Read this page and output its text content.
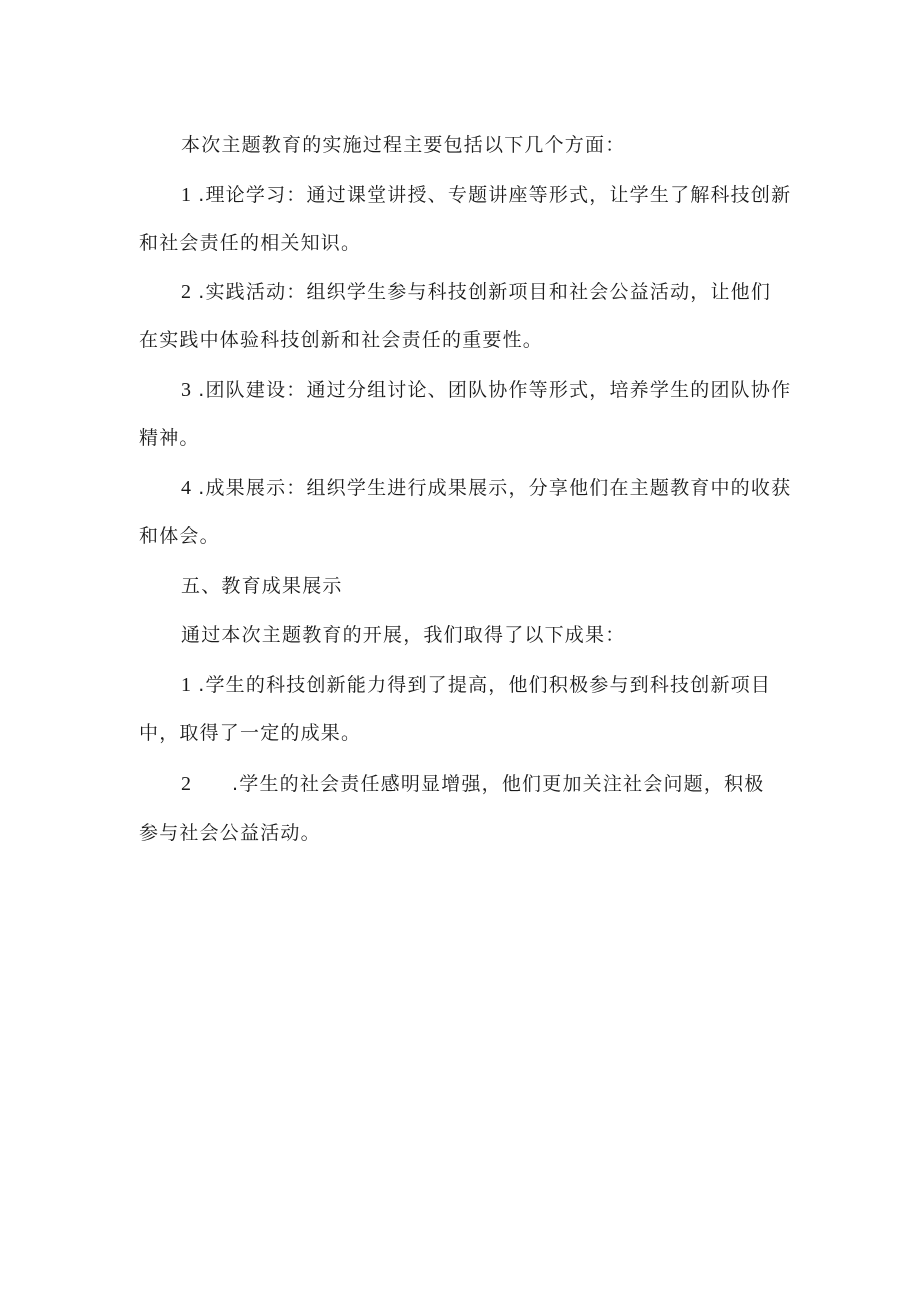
本次主题教育的实施过程主要包括以下几个方面：
1 .理论学习：通过课堂讲授、专题讲座等形式，让学生了解科技创新
和社会责任的相关知识。
2 .实践活动：组织学生参与科技创新项目和社会公益活动，让他们
在实践中体验科技创新和社会责任的重要性。
3 .团队建设：通过分组讨论、团队协作等形式，培养学生的团队协作
精神。
4 .成果展示：组织学生进行成果展示，分享他们在主题教育中的收获
和体会。
五、教育成果展示
通过本次主题教育的开展，我们取得了以下成果：
1 .学生的科技创新能力得到了提高，他们积极参与到科技创新项目
中，取得了一定的成果。
2 .学生的社会责任感明显增强，他们更加关注社会问题，积极
参与社会公益活动。
